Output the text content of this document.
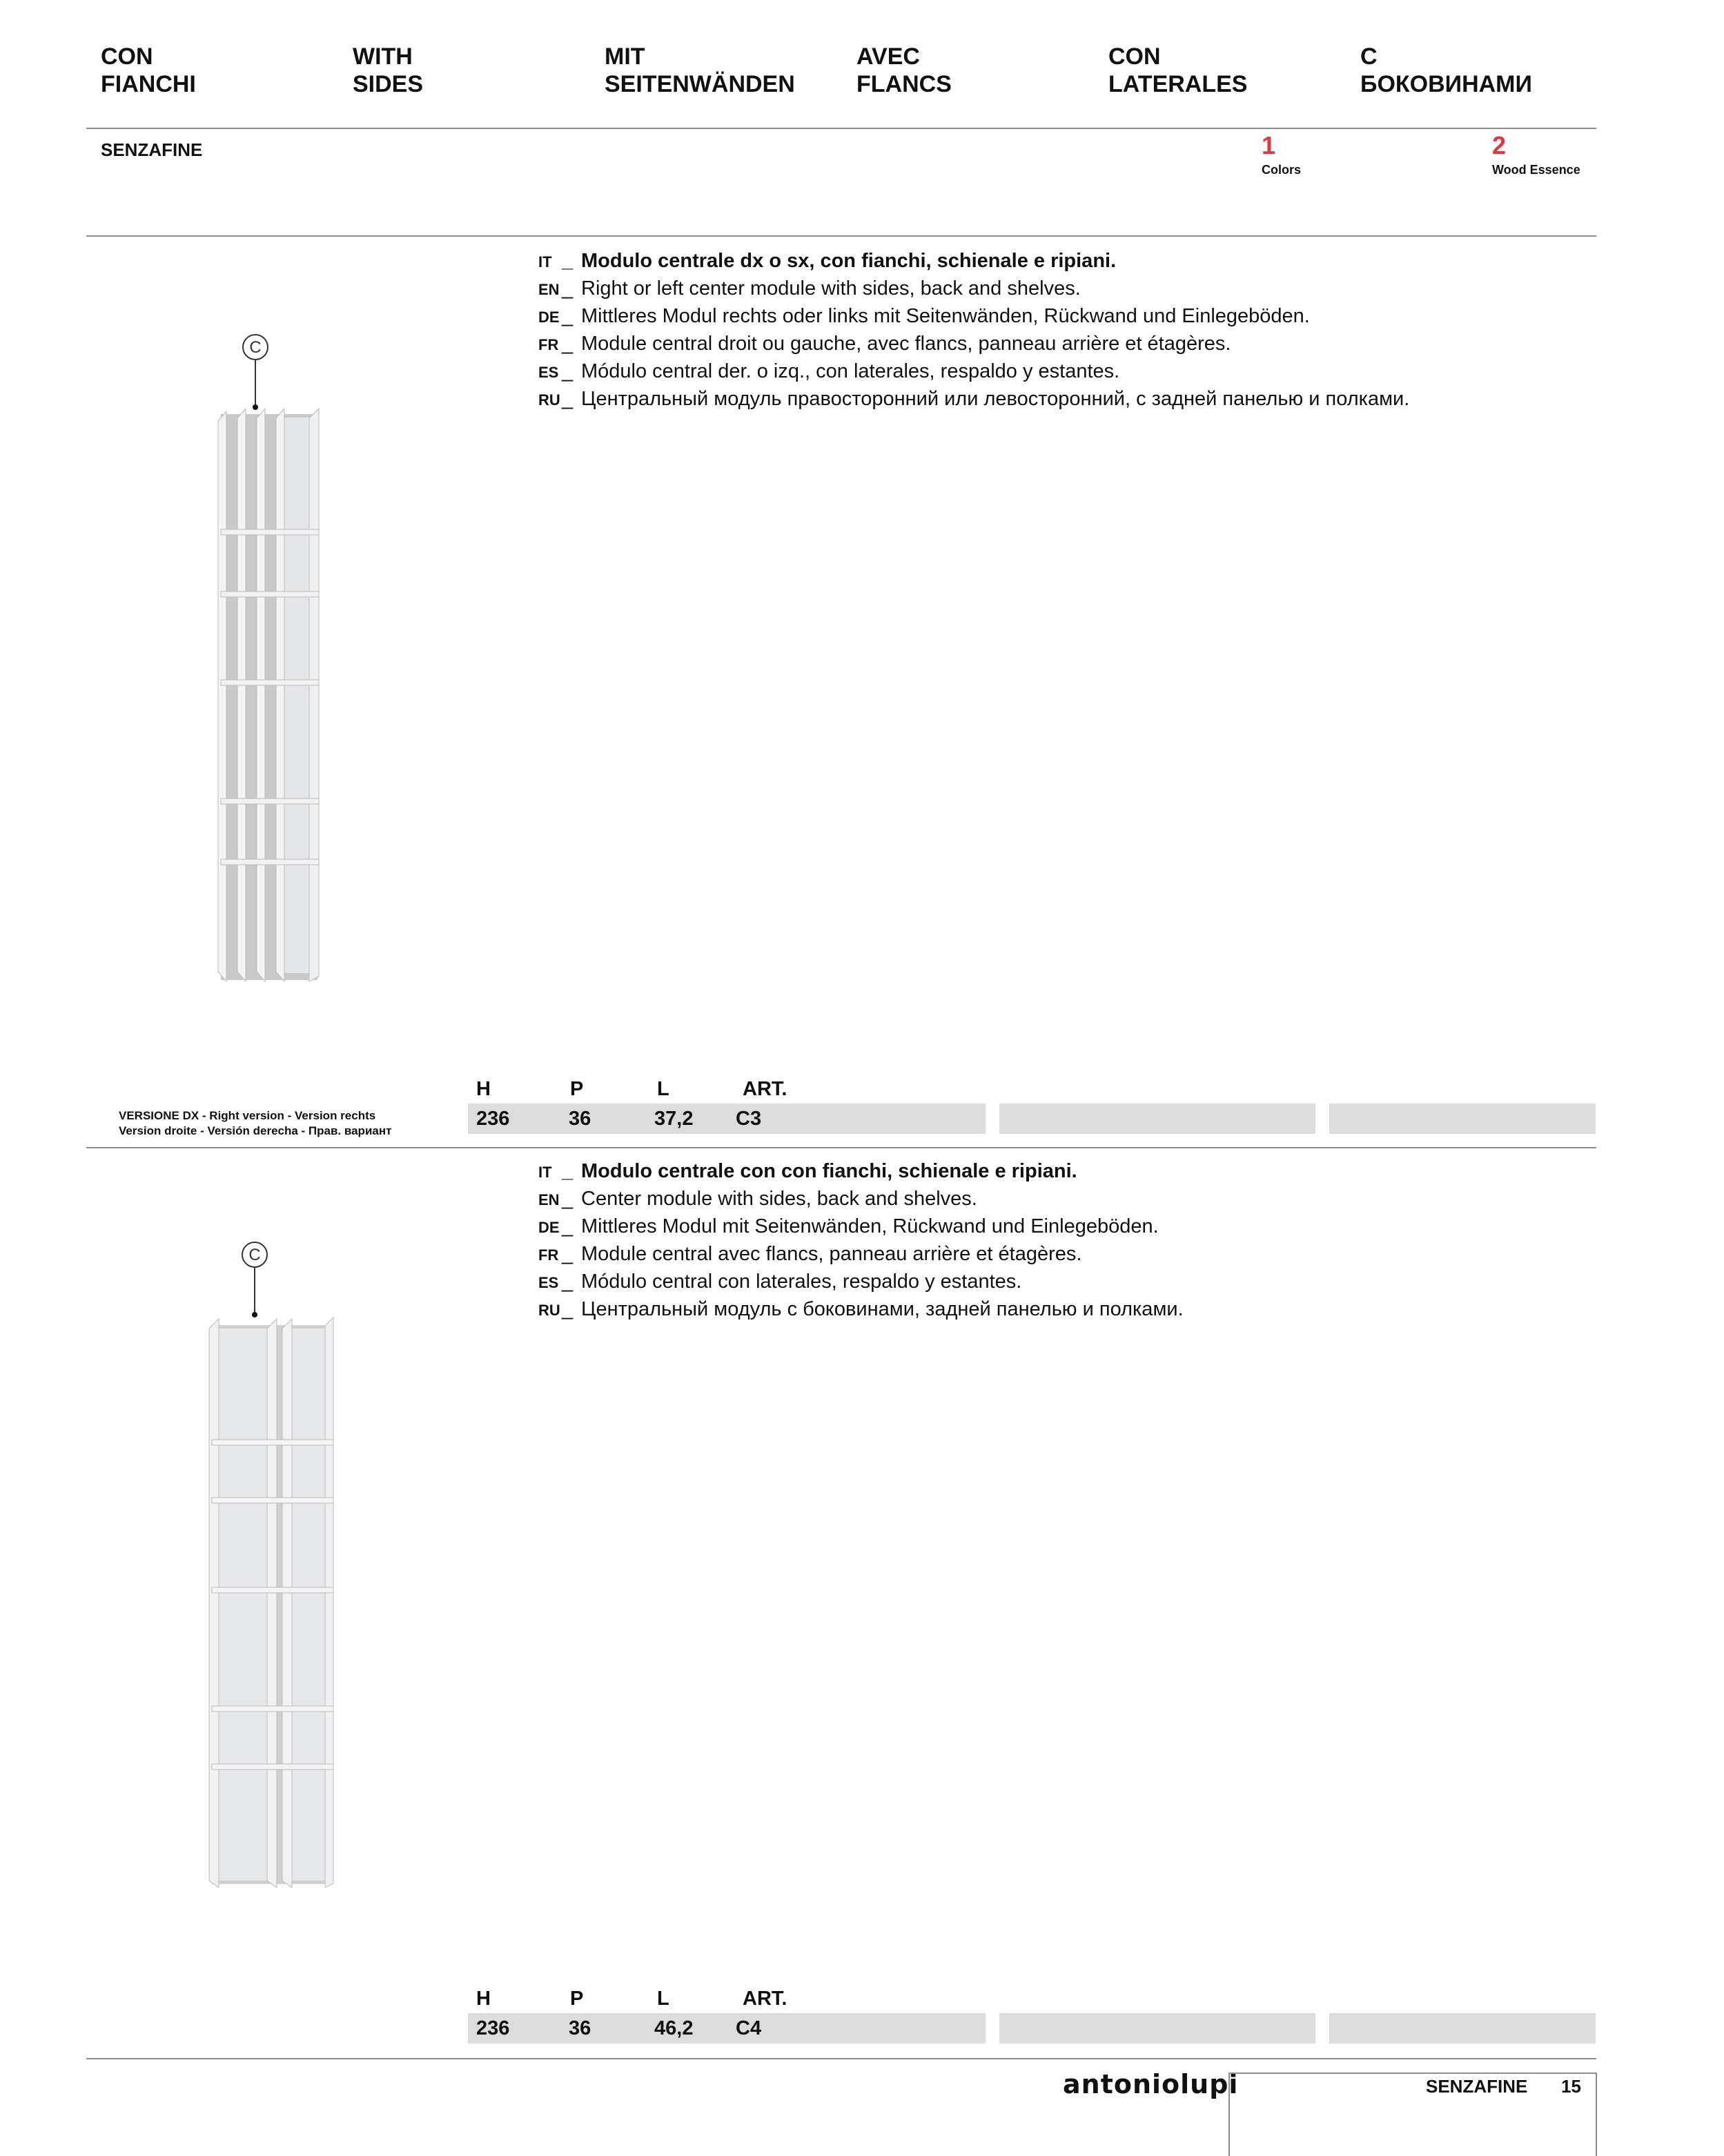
CON
FIANCHI
WITH
SIDES
MIT
SEITENWÄNDEN
AVEC
FLANCS
CON
LATERALES
С
БОКОВИНАМИ
SENZAFINE	1
Colors
2
Wood Essence
C
IT _ Modulo centrale dx o sx, con fianchi, schienale e ripiani.
EN _ Right or left center module with sides, back and shelves.
DE _ Mittleres Modul rechts oder links mit Seitenwänden, Rückwand und Einlegeböden.
FR _ Module central droit ou gauche, avec flancs, panneau arrière et étagères.
ES _ Módulo central der. o izq., con laterales, respaldo y estantes.
RU_ Центральный модуль правосторонний или левосторонний, с задней панелью и полками.
H	P	L	ART.
VERSIONE DX - Right version - Version rechts
Version droite - Versión derecha - Прав. вариант
236	36	37,2 C3
C
IT _ Modulo centrale con con fianchi, schienale e ripiani.
EN _ Center module with sides, back and shelves.
DE _ Mittleres Modul mit Seitenwänden, Rückwand und Einlegeböden.
FR _ Module central avec flancs, panneau arrière et étagères.
ES _ Módulo central con laterales, respaldo y estantes.
RU_ Центральный модуль с боковинами, задней панелью и полками.
H	P	L	ART.
236	36	46,2 C4
antoniolupi	SENZAFINE 15
